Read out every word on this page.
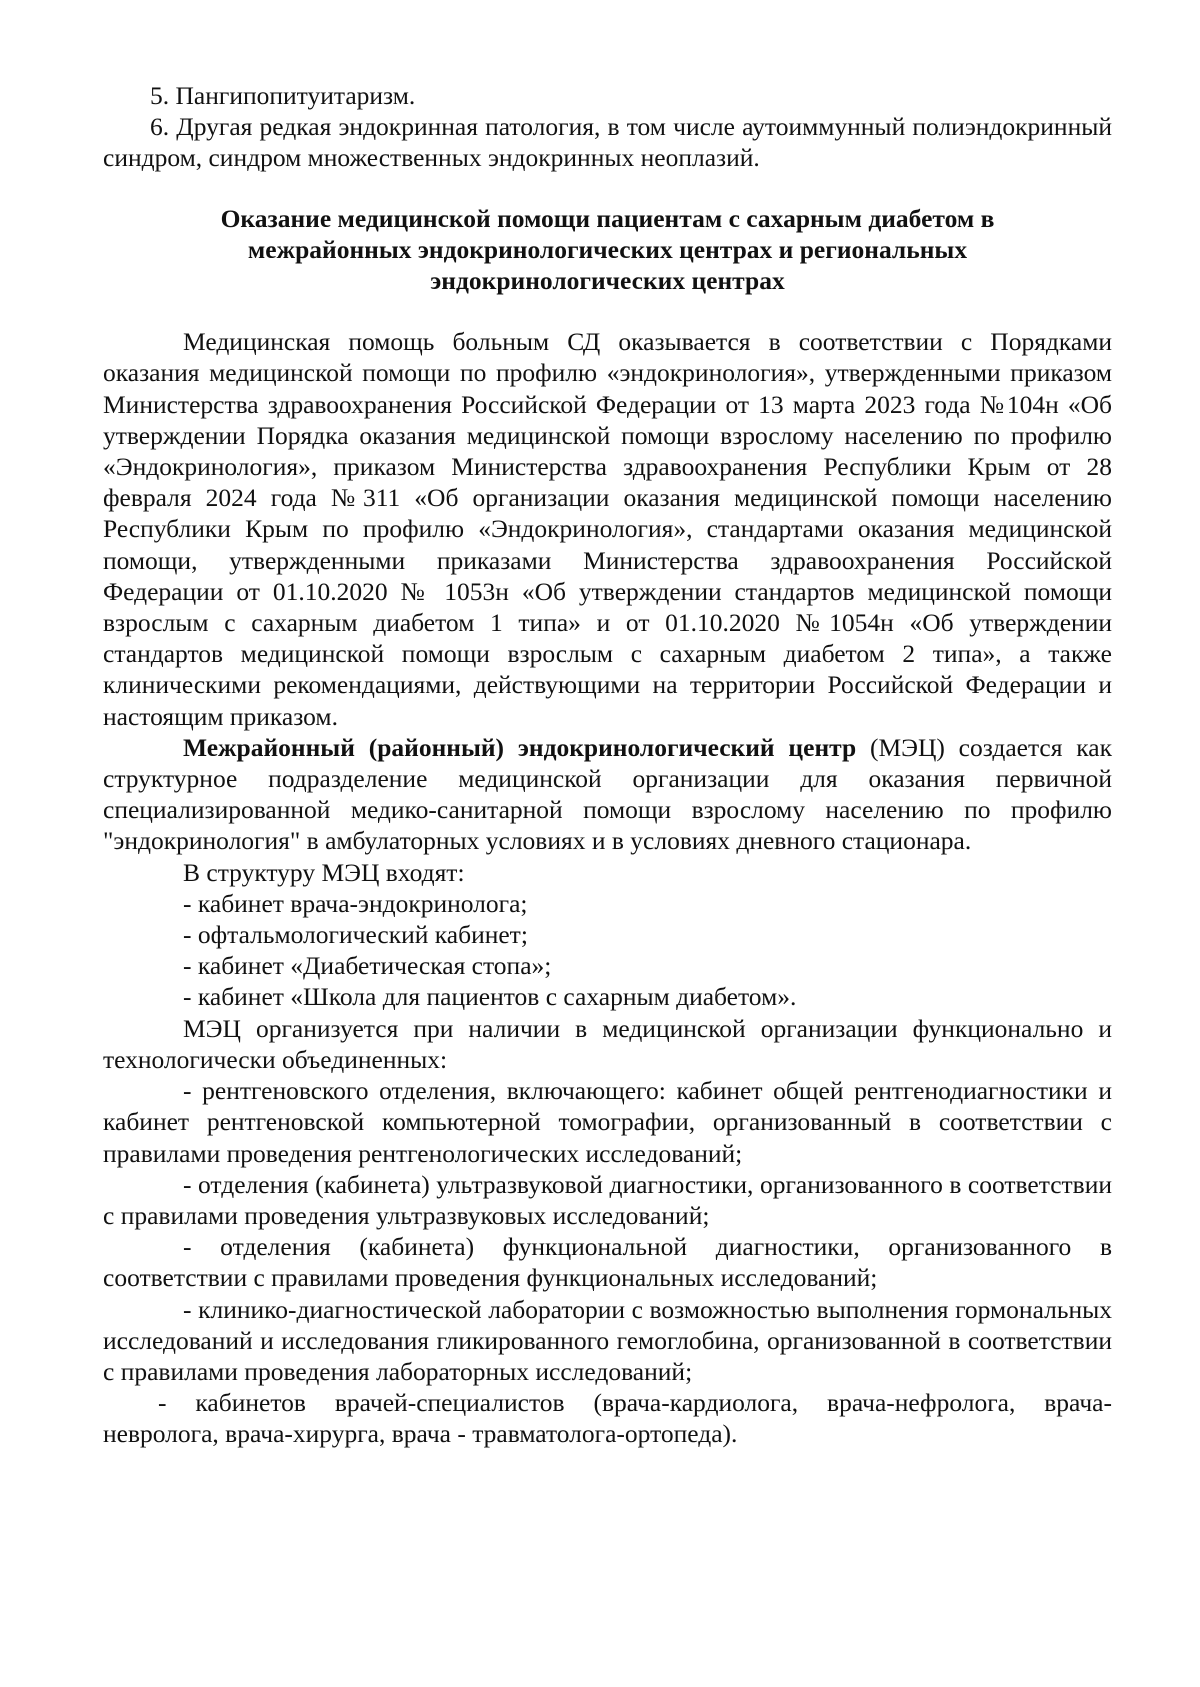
5. Пангипопитуитаризм.

6. Другая редкая эндокринная патология, в том числе аутоиммунный полиэндокринный синдром, синдром множественных эндокринных неоплазий.

Оказание медицинской помощи пациентам с сахарным диабетом в межрайонных эндокринологических центрах и региональных эндокринологических центрах

Медицинская помощь больным СД оказывается в соответствии с Порядками оказания медицинской помощи по профилю «эндокринология», утвержденными приказом Министерства здравоохранения Российской Федерации от 13 марта 2023 года №104н «Об утверждении Порядка оказания медицинской помощи взрослому населению по профилю «Эндокринология», приказом Министерства здравоохранения Республики Крым от 28 февраля 2024 года №311 «Об организации оказания медицинской помощи населению Республики Крым по профилю «Эндокринология», стандартами оказания медицинской помощи, утвержденными приказами Министерства здравоохранения Российской Федерации от 01.10.2020 № 1053н «Об утверждении стандартов медицинской помощи взрослым с сахарным диабетом 1 типа» и от 01.10.2020 №1054н «Об утверждении стандартов медицинской помощи взрослым с сахарным диабетом 2 типа», а также клиническими рекомендациями, действующими на территории Российской Федерации и настоящим приказом.

Межрайонный (районный) эндокринологический центр (МЭЦ) создается как структурное подразделение медицинской организации для оказания первичной специализированной медико-санитарной помощи взрослому населению по профилю "эндокринология" в амбулаторных условиях и в условиях дневного стационара.

В структуру МЭЦ входят:

- кабинет врача-эндокринолога;

- офтальмологический кабинет;

- кабинет «Диабетическая стопа»;

- кабинет «Школа для пациентов с сахарным диабетом».

МЭЦ организуется при наличии в медицинской организации функционально и технологически объединенных:

- рентгеновского отделения, включающего: кабинет общей рентгенодиагностики и кабинет рентгеновской компьютерной томографии, организованный в соответствии с правилами проведения рентгенологических исследований;

- отделения (кабинета) ультразвуковой диагностики, организованного в соответствии с правилами проведения ультразвуковых исследований;

- отделения (кабинета) функциональной диагностики, организованного в соответствии с правилами проведения функциональных исследований;

- клинико-диагностической лаборатории с возможностью выполнения гормональных исследований и исследования гликированного гемоглобина, организованной в соответствии с правилами проведения лабораторных исследований;

- кабинетов врачей-специалистов (врача-кардиолога, врача-нефролога, врача-невролога, врача-хирурга, врача - травматолога-ортопеда).
